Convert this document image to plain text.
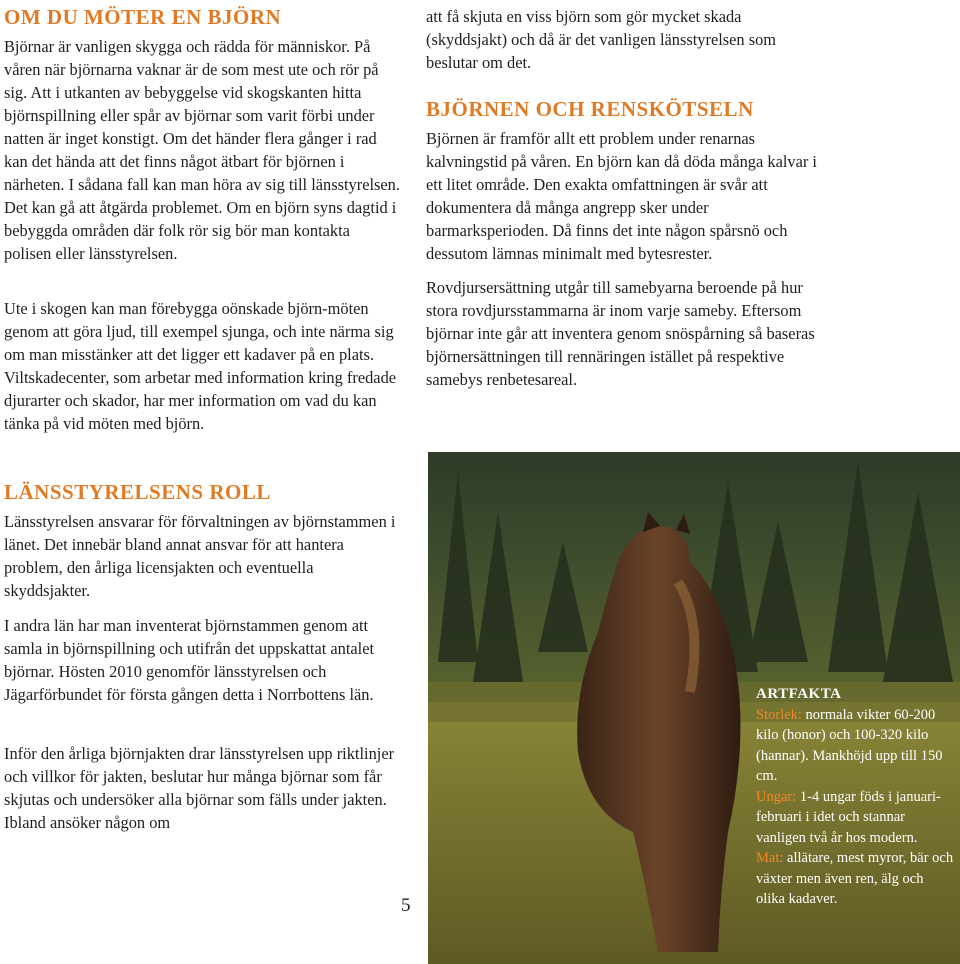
OM DU MÖTER EN BJÖRN

Björnar är vanligen skygga och rädda för människor. På våren när björnarna vaknar är de som mest ute och rör på sig. Att i utkanten av bebyggelse vid skogskanten hitta björnspillning eller spår av björnar som varit förbi under natten är inget konstigt. Om det händer flera gånger i rad kan det hända att det finns något ätbart för björnen i närheten. I sådana fall kan man höra av sig till länsstyrelsen. Det kan gå att åtgärda problemet. Om en björn syns dagtid i bebyggda områden där folk rör sig bör man kontakta polisen eller länsstyrelsen.

Ute i skogen kan man förebygga oönskade björn-möten genom att göra ljud, till exempel sjunga, och inte närma sig om man misstänker att det ligger ett kadaver på en plats. Viltskadecenter, som arbetar med information kring fredade djurarter och skador, har mer information om vad du kan tänka på vid möten med björn.

LÄNSSTYRELSENS ROLL

Länsstyrelsen ansvarar för förvaltningen av björnstammen i länet. Det innebär bland annat ansvar för att hantera problem, den årliga licensjakten och eventuella skyddsjakter.

I andra län har man inventerat björnstammen genom att samla in björnspillning och utifrån det uppskattat antalet björnar. Hösten 2010 genomför länsstyrelsen och Jägarförbundet för första gången detta i Norrbottens län.

Inför den årliga björnjakten drar länsstyrelsen upp riktlinjer och villkor för jakten, beslutar hur många björnar som får skjutas och undersöker alla björnar som fälls under jakten. Ibland ansöker någon om

att få skjuta en viss björn som gör mycket skada (skyddsjakt) och då är det vanligen länsstyrelsen som beslutar om det.

BJÖRNEN OCH RENSKÖTSELN

Björnen är framför allt ett problem under renarnas kalvningstid på våren. En björn kan då döda många kalvar i ett litet område. Den exakta omfattningen är svår att dokumentera då många angrepp sker under barmarksperioden. Då finns det inte någon spårsnö och dessutom lämnas minimalt med bytesrester.

Rovdjursersättning utgår till samebyarna beroende på hur stora rovdjursstammarna är inom varje sameby. Eftersom björnar inte går att inventera genom snöspårning så baseras björnersättningen till rennäringen istället på respektive samebys renbetesareal.

5
ARTFAKTA
Storlek: normala vikter 60-200 kilo (honor) och 100-320 kilo (hannar). Mankhöjd upp till 150 cm.
Ungar: 1-4 ungar föds i januari-februari i idet och stannar vanligen två år hos modern.
Mat: allätare, mest myror, bär och växter men även ren, älg och olika kadaver.
